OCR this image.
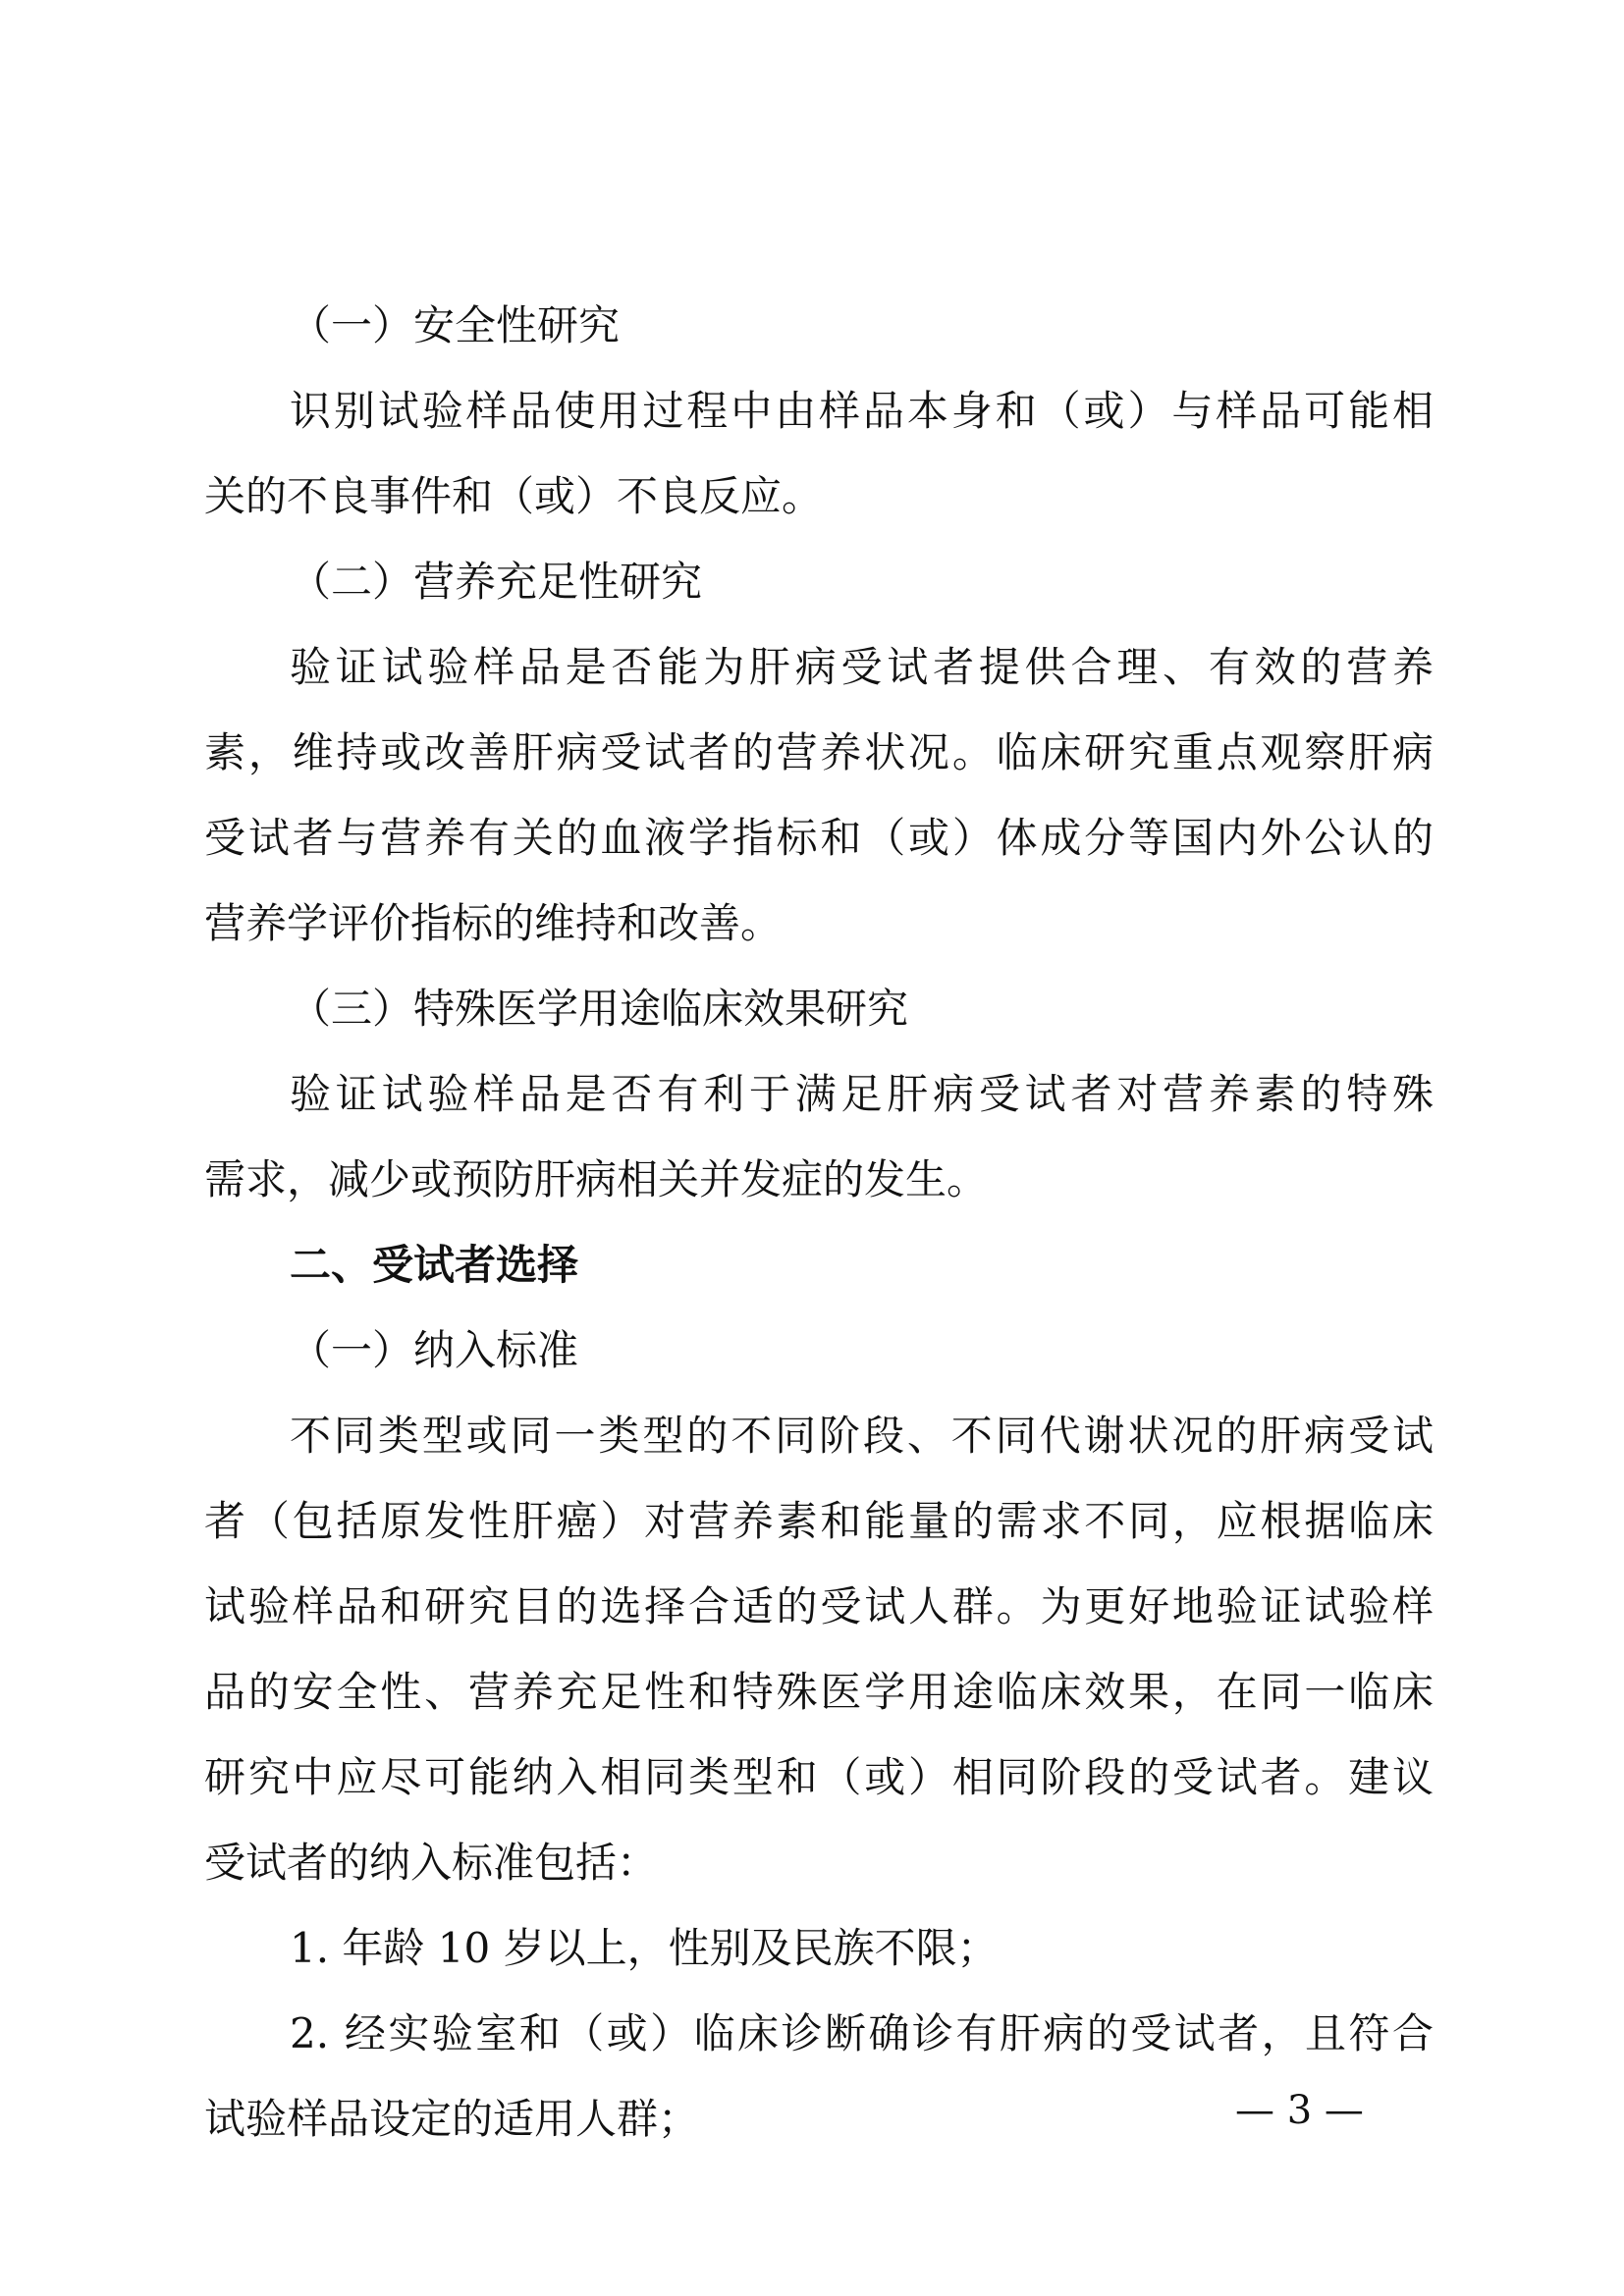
（一）安全性研究
识别试验样品使用过程中由样品本身和（或）与样品可能相
关的不良事件和（或）不良反应。
（二）营养充足性研究
验证试验样品是否能为肝病受试者提供合理、有效的营养
素，维持或改善肝病受试者的营养状况。临床研究重点观察肝病
受试者与营养有关的血液学指标和（或）体成分等国内外公认的
营养学评价指标的维持和改善。
（三）特殊医学用途临床效果研究
验证试验样品是否有利于满足肝病受试者对营养素的特殊
需求，减少或预防肝病相关并发症的发生。
二、受试者选择
（一）纳入标准
不同类型或同一类型的不同阶段、不同代谢状况的肝病受试
者（包括原发性肝癌）对营养素和能量的需求不同，应根据临床
试验样品和研究目的选择合适的受试人群。为更好地验证试验样
品的安全性、营养充足性和特殊医学用途临床效果，在同一临床
研究中应尽可能纳入相同类型和（或）相同阶段的受试者。建议
受试者的纳入标准包括：
1. 年龄 10 岁以上，性别及民族不限；
2. 经实验室和（或）临床诊断确诊有肝病的受试者，且符合
试验样品设定的适用人群；	— 3 —
